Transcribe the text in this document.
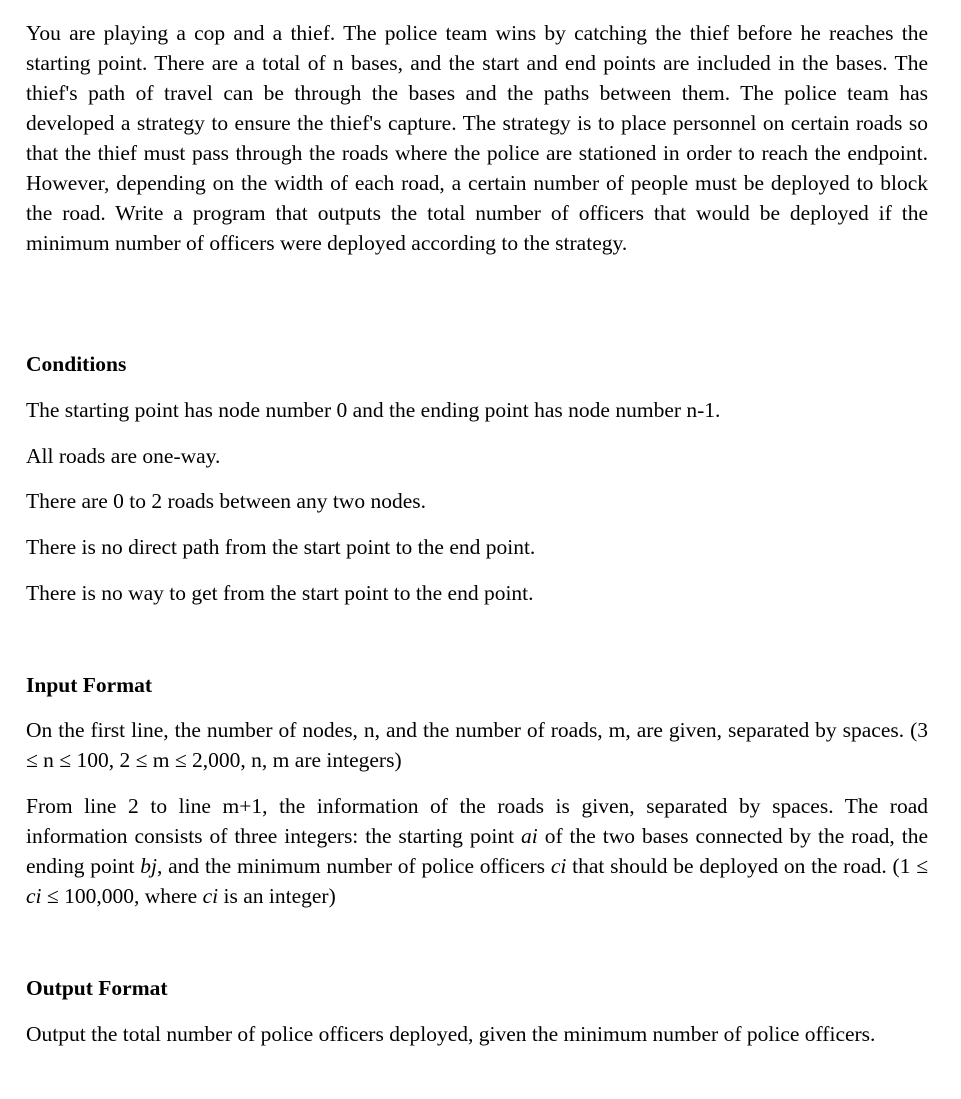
You are playing a cop and a thief. The police team wins by catching the thief before he reaches the starting point. There are a total of n bases, and the start and end points are included in the bases. The thief's path of travel can be through the bases and the paths between them. The police team has developed a strategy to ensure the thief's capture. The strategy is to place personnel on certain roads so that the thief must pass through the roads where the police are stationed in order to reach the endpoint. However, depending on the width of each road, a certain number of people must be deployed to block the road. Write a program that outputs the total number of officers that would be deployed if the minimum number of officers were deployed according to the strategy.

Conditions

The starting point has node number 0 and the ending point has node number n-1.

All roads are one-way.

There are 0 to 2 roads between any two nodes.

There is no direct path from the start point to the end point.

There is no way to get from the start point to the end point.

Input Format

On the first line, the number of nodes, n, and the number of roads, m, are given, separated by spaces. (3 ≤ n ≤ 100, 2 ≤ m ≤ 2,000, n, m are integers)

From line 2 to line m+1, the information of the roads is given, separated by spaces. The road information consists of three integers: the starting point ai of the two bases connected by the road, the ending point bj, and the minimum number of police officers ci that should be deployed on the road. (1 ≤ ci ≤ 100,000, where ci is an integer)

Output Format

Output the total number of police officers deployed, given the minimum number of police officers.
